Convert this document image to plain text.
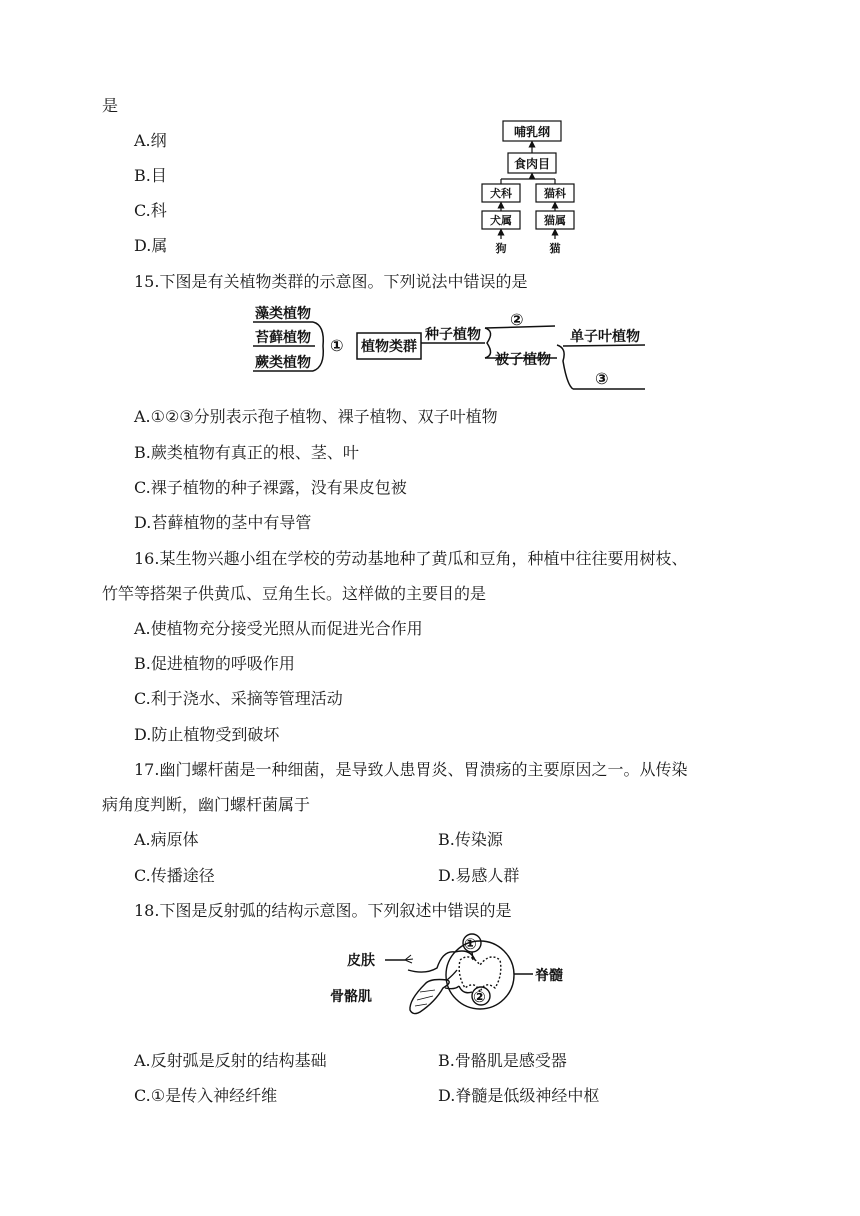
是
A.纲
B.目
C.科
D.属
哺乳纲
食肉目
犬科	猫科
犬属	猫属
狗	猫
15.下图是有关植物类群的示意图。下列说法中错误的是
藻类植物
苔藓植物
蕨类植物
① 植物类群
种子植物
②
被子植物
单子叶植物
③
A.①②③分别表示孢子植物、裸子植物、双子叶植物
B.蕨类植物有真正的根、茎、叶
C.裸子植物的种子裸露，没有果皮包被
D.苔藓植物的茎中有导管
16.某生物兴趣小组在学校的劳动基地种了黄瓜和豆角，种植中往往要用树枝、
竹竿等搭架子供黄瓜、豆角生长。这样做的主要目的是
A.使植物充分接受光照从而促进光合作用
B.促进植物的呼吸作用
C.利于浇水、采摘等管理活动
D.防止植物受到破坏
17.幽门螺杆菌是一种细菌，是导致人患胃炎、胃溃疡的主要原因之一。从传染
病角度判断，幽门螺杆菌属于
A.病原体	B.传染源
C.传播途径	D.易感人群
18.下图是反射弧的结构示意图。下列叙述中错误的是
皮肤
骨骼肌
脊髓
①
②
A.反射弧是反射的结构基础	B.骨骼肌是感受器
C.①是传入神经纤维	D.脊髓是低级神经中枢
